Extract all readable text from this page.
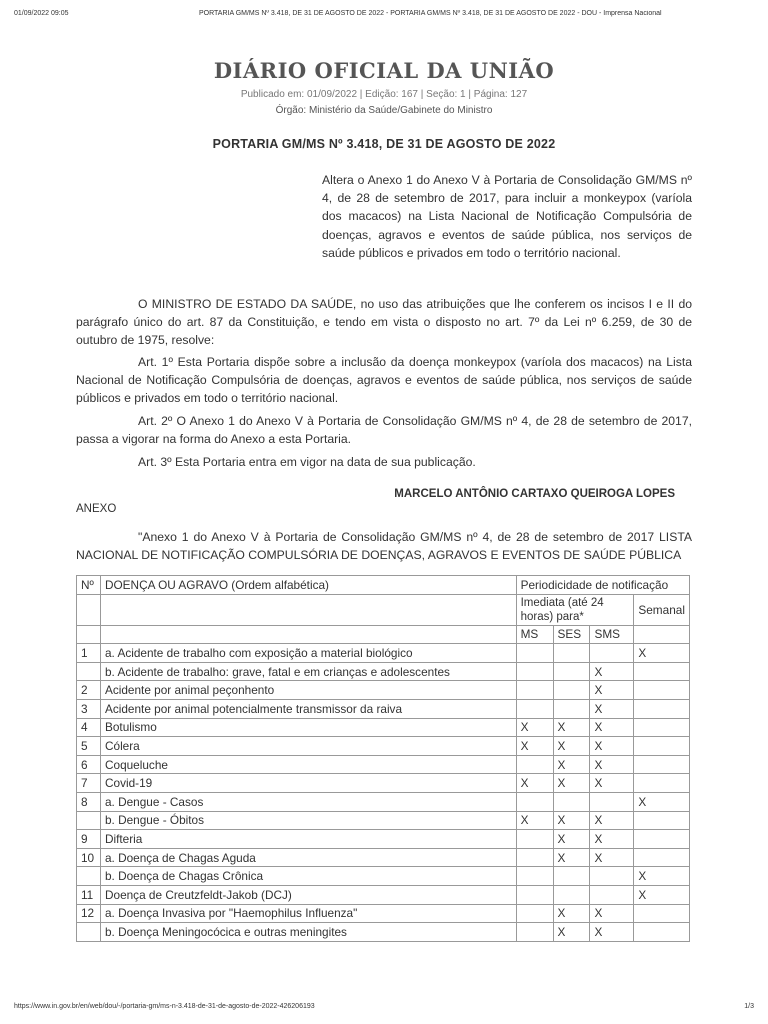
01/09/2022 09:05	PORTARIA GM/MS Nº 3.418, DE 31 DE AGOSTO DE 2022 - PORTARIA GM/MS Nº 3.418, DE 31 DE AGOSTO DE 2022 - DOU - Imprensa Nacional
DIÁRIO OFICIAL DA UNIÃO
Publicado em: 01/09/2022 | Edição: 167 | Seção: 1 | Página: 127
Órgão: Ministério da Saúde/Gabinete do Ministro
PORTARIA GM/MS Nº 3.418, DE 31 DE AGOSTO DE 2022
Altera o Anexo 1 do Anexo V à Portaria de Consolidação GM/MS nº 4, de 28 de setembro de 2017, para incluir a monkeypox (varíola dos macacos) na Lista Nacional de Notificação Compulsória de doenças, agravos e eventos de saúde pública, nos serviços de saúde públicos e privados em todo o território nacional.

O MINISTRO DE ESTADO DA SAÚDE, no uso das atribuições que lhe conferem os incisos I e II do parágrafo único do art. 87 da Constituição, e tendo em vista o disposto no art. 7º da Lei nº 6.259, de 30 de outubro de 1975, resolve:

Art. 1º Esta Portaria dispõe sobre a inclusão da doença monkeypox (varíola dos macacos) na Lista Nacional de Notificação Compulsória de doenças, agravos e eventos de saúde pública, nos serviços de saúde públicos e privados em todo o território nacional.

Art. 2º O Anexo 1 do Anexo V à Portaria de Consolidação GM/MS nº 4, de 28 de setembro de 2017, passa a vigorar na forma do Anexo a esta Portaria.

Art. 3º Esta Portaria entra em vigor na data de sua publicação.

MARCELO ANTÔNIO CARTAXO QUEIROGA LOPES
ANEXO

"Anexo 1 do Anexo V à Portaria de Consolidação GM/MS nº 4, de 28 de setembro de 2017 LISTA NACIONAL DE NOTIFICAÇÃO COMPULSÓRIA DE DOENÇAS, AGRAVOS E EVENTOS DE SAÚDE PÚBLICA

Nº	DOENÇA OU AGRAVO (Ordem alfabética)	Periodicidade de notificação			
		Imediata (até 24 horas) para*			Semanal
		MS	SES	SMS	
1	a. Acidente de trabalho com exposição a material biológico				X
	b. Acidente de trabalho: grave, fatal e em crianças e adolescentes			X	
2	Acidente por animal peçonhento			X	
3	Acidente por animal potencialmente transmissor da raiva			X	
4	Botulismo	X	X	X	
5	Cólera	X	X	X	
6	Coqueluche		X	X	
7	Covid-19	X	X	X	
8	a. Dengue - Casos				X
	b. Dengue - Óbitos	X	X	X	
9	Difteria		X	X	
10	a. Doença de Chagas Aguda		X	X	
	b. Doença de Chagas Crônica				X
11	Doença de Creutzfeldt-Jakob (DCJ)				X
12	a. Doença Invasiva por "Haemophilus Influenza"		X	X	
	b. Doença Meningocócica e outras meningites		X	X	
https://www.in.gov.br/en/web/dou/-/portaria-gm/ms-n-3.418-de-31-de-agosto-de-2022-426206193	1/3
